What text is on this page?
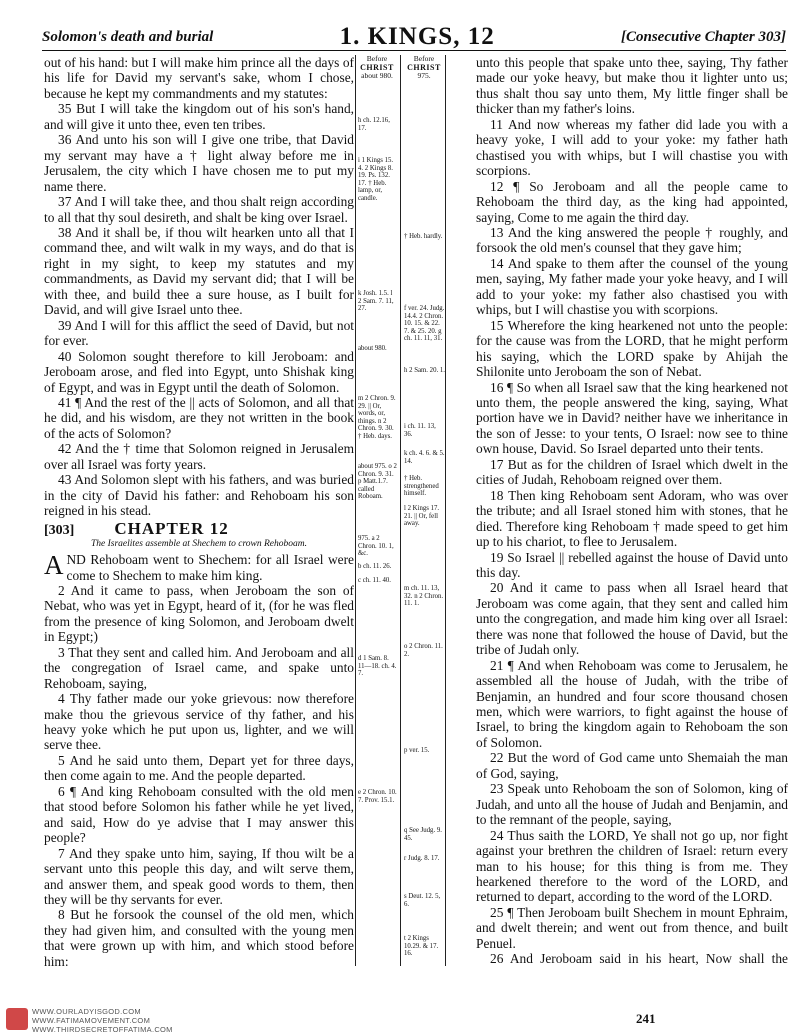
Solomon's death and burial	1. KINGS, 12	[Consecutive Chapter 303]

out of his hand: but I will make him prince all the days of his life for David my servant's sake, whom I chose, because he kept my commandments and my statutes:

35 But I will take the kingdom out of his son's hand, and will give it unto thee, even ten tribes.

36 And unto his son will I give one tribe, that David my servant may have a † light alway before me in Jerusalem, the city which I have chosen me to put my name there.

37 And I will take thee, and thou shalt reign according to all that thy soul desireth, and shalt be king over Israel.

38 And it shall be, if thou wilt hearken unto all that I command thee, and wilt walk in my ways, and do that is right in my sight, to keep my statutes and my commandments, as David my servant did; that I will be with thee, and build thee a sure house, as I built for David, and will give Israel unto thee.

39 And I will for this afflict the seed of David, but not for ever.

40 Solomon sought therefore to kill Jeroboam: and Jeroboam arose, and fled into Egypt, unto Shishak king of Egypt, and was in Egypt until the death of Solomon.

41 ¶ And the rest of the || acts of Solomon, and all that he did, and his wisdom, are they not written in the book of the acts of Solomon?

42 And the † time that Solomon reigned in Jerusalem over all Israel was forty years.

43 And Solomon slept with his fathers, and was buried in the city of David his father: and Rehoboam his son reigned in his stead.

[303] CHAPTER 12
The Israelites assemble at Shechem to crown Rehoboam.

AND Rehoboam went to Shechem: for all Israel were come to Shechem to make him king.

2 And it came to pass, when Jeroboam the son of Nebat, who was yet in Egypt, heard of it, (for he was fled from the presence of king Solomon, and Jeroboam dwelt in Egypt;)

3 That they sent and called him. And Jeroboam and all the congregation of Israel came, and spake unto Rehoboam, saying,

4 Thy father made our yoke grievous: now therefore make thou the grievous service of thy father, and his heavy yoke which he put upon us, lighter, and we will serve thee.

5 And he said unto them, Depart yet for three days, then come again to me. And the people departed.

6 ¶ And king Rehoboam consulted with the old men that stood before Solomon his father while he yet lived, and said, How do ye advise that I may answer this people?

7 And they spake unto him, saying, If thou wilt be a servant unto this people this day, and wilt serve them, and answer them, and speak good words to them, then they will be thy servants for ever.

8 But he forsook the counsel of the old men, which they had given him, and consulted with the young men that were grown up with him, and which stood before him:

Before
CHRIST
about 980.
h ch. 12.16, 17.
i 1 Kings 15. 4. 2 Kings 8. 19. Ps. 132. 17. † Heb. lamp, or, candle.
k Josh. 1.5. l 2 Sam. 7. 11, 27.
about 980.
m 2 Chron. 9. 29. || Or, words, or, things. n 2 Chron. 9. 30. † Heb. days.
about 975. o 2 Chron. 9. 31. p Matt.1.7. called Roboam.
975. a 2 Chron. 10. 1, &c.
b ch. 11. 26.
c ch. 11. 40.
d 1 Sam. 8. 11—18. ch. 4. 7.
e 2 Chron. 10. 7. Prov. 15.1.
Before
CHRIST
975.
† Heb. hardly.
f ver. 24. Judg. 14.4. 2 Chron. 10. 15. & 22. 7. & 25. 20. g ch. 11. 11, 31.
h 2 Sam. 20. 1.
i ch. 11. 13, 36.
k ch. 4. 6. & 5. 14.
† Heb. strengthened himself.
l 2 Kings 17. 21. || Or, fell away.
m ch. 11. 13, 32. n 2 Chron. 11. 1.
o 2 Chron. 11. 2.
p ver. 15.
q See Judg. 9. 45.
r Judg. 8. 17.
s Deut. 12. 5, 6.
t 2 Kings 10.29. & 17. 16.

unto this people that spake unto thee, saying, Thy father made our yoke heavy, but make thou it lighter unto us; thus shalt thou say unto them, My little finger shall be thicker than my father's loins.

11 And now whereas my father did lade you with a heavy yoke, I will add to your yoke: my father hath chastised you with whips, but I will chastise you with scorpions.

12 ¶ So Jeroboam and all the people came to Rehoboam the third day, as the king had appointed, saying, Come to me again the third day.

13 And the king answered the people † roughly, and forsook the old men's counsel that they gave him;

14 And spake to them after the counsel of the young men, saying, My father made your yoke heavy, and I will add to your yoke: my father also chastised you with whips, but I will chastise you with scorpions.

15 Wherefore the king hearkened not unto the people: for the cause was from the LORD, that he might perform his saying, which the LORD spake by Ahijah the Shilonite unto Jeroboam the son of Nebat.

16 ¶ So when all Israel saw that the king hearkened not unto them, the people answered the king, saying, What portion have we in David? neither have we inheritance in the son of Jesse: to your tents, O Israel: now see to thine own house, David. So Israel departed unto their tents.

17 But as for the children of Israel which dwelt in the cities of Judah, Rehoboam reigned over them.

18 Then king Rehoboam sent Adoram, who was over the tribute; and all Israel stoned him with stones, that he died. Therefore king Rehoboam † made speed to get him up to his chariot, to flee to Jerusalem.

19 So Israel || rebelled against the house of David unto this day.

20 And it came to pass when all Israel heard that Jeroboam was come again, that they sent and called him unto the congregation, and made him king over all Israel: there was none that followed the house of David, but the tribe of Judah only.

21 ¶ And when Rehoboam was come to Jerusalem, he assembled all the house of Judah, with the tribe of Benjamin, an hundred and four score thousand chosen men, which were warriors, to fight against the house of Israel, to bring the kingdom again to Rehoboam the son of Solomon.

22 But the word of God came unto Shemaiah the man of God, saying,

23 Speak unto Rehoboam the son of Solomon, king of Judah, and unto all the house of Judah and Benjamin, and to the remnant of the people, saying,

24 Thus saith the LORD, Ye shall not go up, nor fight against your brethren the children of Israel: return every man to his house; for this thing is from me. They hearkened therefore to the word of the LORD, and returned to depart, according to the word of the LORD.

25 ¶ Then Jeroboam built Shechem in mount Ephraim, and dwelt therein; and went out from thence, and built Penuel.

26 And Jeroboam said in his heart, Now shall the

241
WWW.OURLADYISGOD.COM
WWW.FATIMAMOVEMENT.COM
WWW.THIRDSECRETOFFATIMA.COM
